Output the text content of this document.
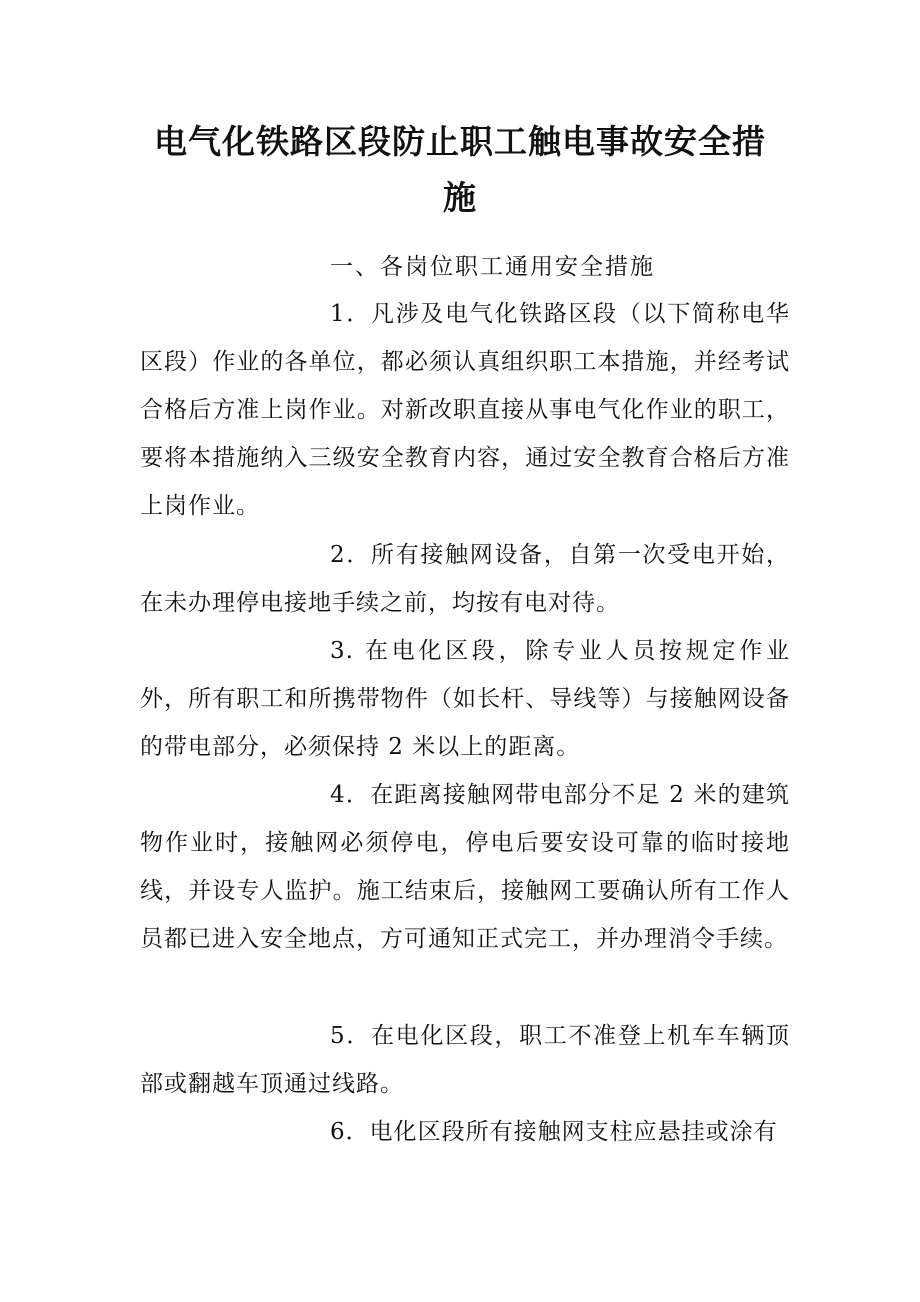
电气化铁路区段防止职工触电事故安全措
施
一、各岗位职工通用安全措施
1．凡涉及电气化铁路区段（以下简称电华区段）作业的各单位，都必须认真组织职工本措施，并经考试合格后方准上岗作业。对新改职直接从事电气化作业的职工，要将本措施纳入三级安全教育内容，通过安全教育合格后方准上岗作业。
2．所有接触网设备，自第一次受电开始，在未办理停电接地手续之前，均按有电对待。
3. 在电化区段，除专业人员按规定作业外，所有职工和所携带物件（如长杆、导线等）与接触网设备的带电部分，必须保持 2 米以上的距离。
4．在距离接触网带电部分不足 2 米的建筑物作业时，接触网必须停电，停电后要安设可靠的临时接地线，并设专人监护。施工结束后，接触网工要确认所有工作人员都已进入安全地点，方可通知正式完工，并办理消令手续。
5．在电化区段，职工不准登上机车车辆顶部或翻越车顶通过线路。
6．电化区段所有接触网支柱应悬挂或涂有
